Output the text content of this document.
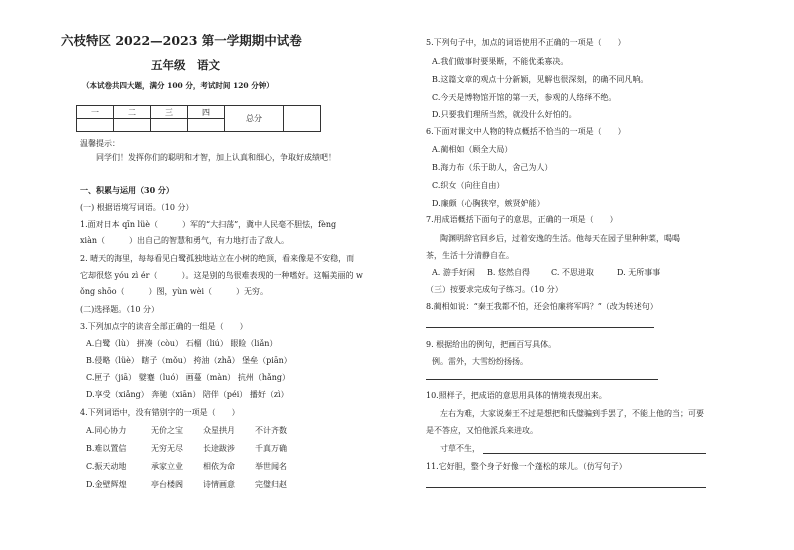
六枝特区 2022—2023 第一学期期中试卷
五年级　语文
（本试卷共四大题，满分 100 分，考试时间 120 分钟）
一	二	三	四	总分	

温馨提示：
同学们！发挥你们的聪明和才智，加上认真和细心，争取好成绩吧！
一、积累与运用（30 分）
(一) 根据语境写词语。（10 分）
1.面对日本 qīn lüè（　　　）军的“大扫荡”，冀中人民毫不胆怯，fèng
xiàn（　　　）出自己的智慧和勇气，有力地打击了敌人。
2. 晴天的海里，每每看见白鹭孤独地站立在小树的绝顶，看来像是不安稳，而
它却很悠 yóu zì ér（　　　）。这是别的鸟很难表现的一种嗜好。这幅美丽的 w
ǒng shōo（　　　）图，yùn wèi（　　　）无穷。
(二)选择题。（10 分）
3.下列加点字的读音全部正确的一组是（　　）
A.白鹭（lù） 拼凑（còu） 石榴（liú） 眼睑（liǎn）
B.侵略（lüè） 瞎子（mǒu） 挎油（zhǎ） 堡垒（piān）
C.匣子（jiā） 嬖蹇（luó） 画蔓（màn） 抗州（hǎng）
D.享受（xiǎng） 奔驰（xiān） 陪伴（péi） 播好（zì）
4.下列词语中，没有错别字的一项是（　　）
A.同心协力	无价之宝	众星拱月	不计齐数
B.难以置信	无穷无尽	长途跋涉	千真万确
C.振天动地	承家立业	相依为命	举世闻名
D.金壁辉煌	亭台楼阁	诗情画意	完璧归赵
5.下列句子中，加点的词语使用不正确的一项是（　　）
A.我们做事时要果断，不能优柔寡决。
B.这篇文章的观点十分新颖，见解也很深刻，的确不同凡响。
C.今天是博物馆开馆的第一天，参观的人络绎不绝。
D.只要我们理所当然，就没什么好怕的。
6.下面对课文中人物的特点概括不恰当的一项是（　　）
A.蔺相如（顾全大局）
B.海力布（乐于助人，舍己为人）
C.织女（向往自由）
D.廉颇（心胸狭窄，嫉贤妒能）
7.用成语概括下面句子的意思，正确的一项是（　　）
陶渊明辞官回乡后，过着安逸的生活。他每天在园子里种种菜，喝喝
茶，生活十分清静自在。
A. 游手好闲 B. 悠然自得	C. 不思进取	D. 无所事事
（三）按要求完成句子练习。（10 分）
8.蔺相如说：“秦王我都不怕，还会怕廉将军吗？”（改为转述句）
9. 根据给出的例句，把画百写具体。
例。雷外，大雪纷纷扬扬。
10.照样子，把成语的意思用具体的情境表现出来。
左右为难，大家说秦王不过是想把和氏璧骗到手罢了，不能上他的当；可要
是不答应，又怕他派兵来进攻。
寸草不生，
11.它好胆，整个身子好像一个蓬松的球儿。（仿写句子）
